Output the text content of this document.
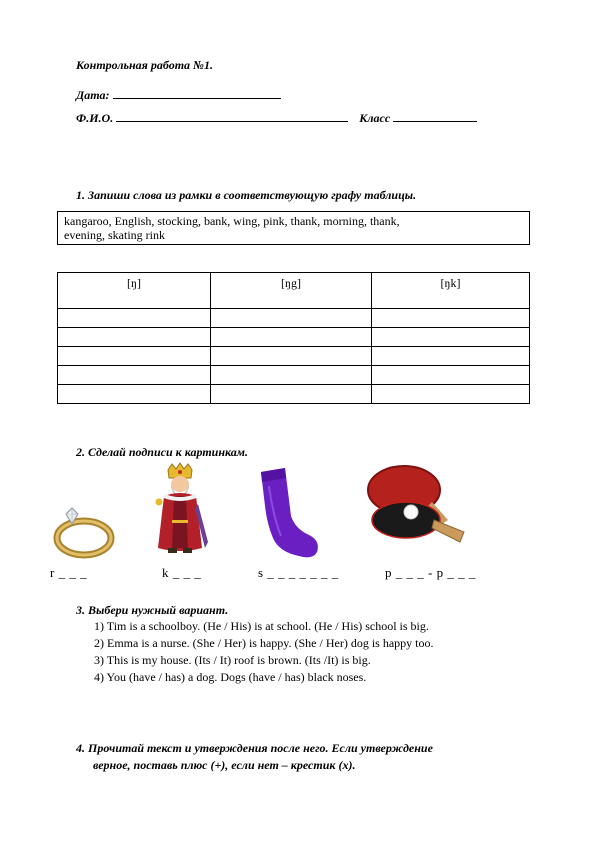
Контрольная работа №1.
Дата:
Ф.И.О.	Класс
1. Запиши слова из рамки в соответствующую графу таблицы.
kangaroo, English, stocking, bank, wing, pink, thank, morning, thank,
evening, skating rink
[ŋ]	[ŋg]	[ŋk]

2. Сделай подписи к картинкам.
r _ _ _	k _ _ _	s _ _ _ _ _ _ _	p _ _ _ - p _ _ _
3. Выбери нужный вариант.
1) Tim is a schoolboy. (He / His) is at school. (He / His) school is big.
2) Emma is a nurse. (She / Her) is happy. (She / Her) dog is happy too.
3) This is my house. (Its / It) roof is brown. (Its /It) is big.
4) You (have / has) a dog. Dogs (have / has) black noses.
4. Прочитай текст и утверждения после него. Если утверждение
верное, поставь плюс (+), если нет – крестик (x).
